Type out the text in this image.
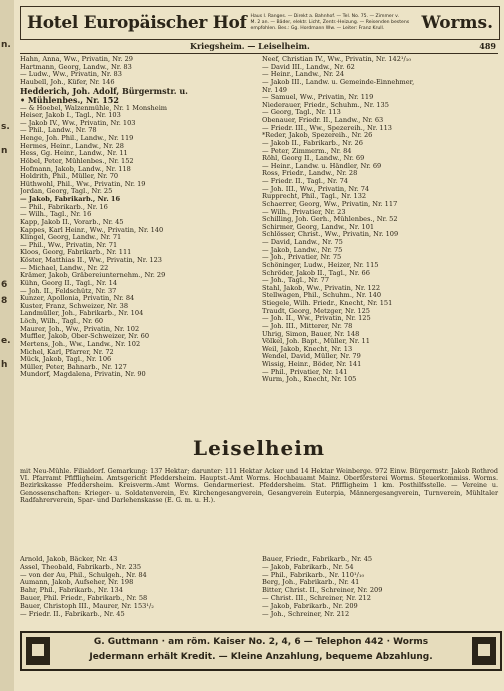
n.
s.
n
6
8
e.
h
Hotel Europäischer Hof Haus I. Ranges. — Direkt a. Bahnhof. — Tel. No. 75. — Zimmer v.
M. 2 an. — Bäder, elektr. Licht, Zentr.-Heizung. — Reisenden bestens
empfohlen. Bes.: Gg. Hordmann Ww. — Leiter: Franz Krull.	Worms.
Kriegsheim. — Leiselheim.	489
Hahn, Anna, Ww., Privatin, Nr. 29
Hartmann, Georg, Landw., Nr. 83
— Ludw., Ww., Privatin, Nr. 83
Haubell, Joh., Küfer, Nr. 146
Hedderich, Joh. Adolf, Bürgermstr. u.
• Mühlenbes., Nr. 152
— & Hoebel, Walzenmühle, Nr. 1 Monsheim
Heiser, Jakob I., Tagl., Nr. 103
— Jakob IV., Ww., Privatin, Nr. 103
— Phil., Landw., Nr. 78
Henge, Joh. Phil., Landw., Nr. 119
Hermes, Heinr., Landw., Nr. 28
Hess, Gg. Heinr., Landw., Nr. 11
Höbel, Peter, Mühlenbes., Nr. 152
Hofmann, Jakob, Landw., Nr. 118
Holdrith, Phil., Müller, Nr. 70
Hüthwohl, Phil., Ww., Privatin, Nr. 19
Jordan, Georg, Tagl., Nr. 25
— Jakob, Fabrikarb., Nr. 16
— Phil., Fabrikarb., Nr. 16
— Wilh., Tagl., Nr. 16
Kapp, Jakob II., Vorarb., Nr. 45
Kappes, Karl Heinr., Ww., Privatin, Nr. 140
Klingel, Georg, Landw., Nr. 71
— Phil., Ww., Privatin, Nr. 71
Kloos, Georg, Fabrikarb., Nr. 111
Köster, Matthias II., Ww., Privatin, Nr. 123
— Michael, Landw., Nr. 22
Krämer, Jakob, Gräbereiunternehm., Nr. 29
Kühn, Georg II., Tagl., Nr. 14
— Joh. II., Feldschütz, Nr. 37
Kunzer, Apollonia, Privatin, Nr. 84
Kuster, Franz, Schweizer, Nr. 38
Landmüller, Joh., Fabrikarb., Nr. 104
Löch, Wilh., Tagl., Nr. 60
Maurer, Joh., Ww., Privatin, Nr. 102
Muffler, Jakob, Ober-Schweizer, Nr. 60
Mertens, Joh., Ww., Landw., Nr. 102
Michel, Karl, Pfarrer, Nr. 72
Mück, Jakob, Tagl., Nr. 106
Müller, Peter, Bahnarb., Nr. 127
Mundorf, Magdalena, Privatin, Nr. 90
Neef, Christian IV., Ww., Privatin, Nr. 142¹/₁₀
— David III., Landw., Nr. 62
— Heinr., Landw., Nr. 24
— Jakob III., Landw. u. Gemeinde-Einnehmer,
Nr. 149
— Samuel, Ww., Privatin, Nr. 119
Niederauer, Friedr., Schuhm., Nr. 135
— Georg, Tagl., Nr. 113
Obenauer, Friedr. II., Landw., Nr. 63
— Friedr. III., Ww., Spezereih., Nr. 113
*Reder, Jakob, Spezereih., Nr. 26
— Jakob II., Fabrikarb., Nr. 26
— Peter, Zimmerm., Nr. 84
Röhl, Georg II., Landw., Nr. 69
— Heinr., Landw. u. Händler, Nr. 69
Ross, Friedr., Landw., Nr. 28
— Friedr. II., Tagl., Nr. 74
— Joh. III., Ww., Privatin, Nr. 74
Rupprecht, Phil., Tagl., Nr. 132
Schaerrer, Georg, Ww., Privatin, Nr. 117
— Wilh., Privatier, Nr. 23
Schilling, Joh. Gerh., Mühlenbes., Nr. 52
Schirmer, Georg, Landw., Nr. 101
Schlösser, Christ., Ww., Privatin, Nr. 109
— David, Landw., Nr. 75
— Jakob, Landw., Nr. 75
— Joh., Privatier, Nr. 75
Schöninger, Ludw., Heizer, Nr. 115
Schröder, Jakob II., Tagl., Nr. 66
— Joh., Tagl., Nr. 77
Stahl, Jakob, Ww., Privatin, Nr. 122
Stellwagen, Phil., Schuhm., Nr. 140
Stiegele, Wilh. Friedr., Knecht, Nr. 151
Traudt, Georg, Metzger, Nr. 125
— Joh. II., Ww., Privatin, Nr. 125
— Joh. III., Mitterer, Nr. 78
Uhrig, Simon, Bauer, Nr. 148
Völkel, Joh. Bapt., Müller, Nr. 11
Weil, Jakob, Knecht, Nr. 13
Wendel, David, Müller, Nr. 79
Wissig, Heinr., Böder, Nr. 141
— Phil., Privatier, Nr. 141
Wurm, Joh., Knecht, Nr. 105
Leiselheim
mit Neu-Mühle. Filialdorf. Gemarkung: 137 Hektar; darunter: 111 Hektar Acker und 14 Hektar Weinberge. 972 Einw. Bürgermstr. Jakob Rothrod VI. Pfarramt Pfiffligheim. Amtsgericht Pfeddersheim. Hauptst.-Amt Worms. Hochbauamt Mainz. Oberförsterei Worms. Steuerkommiss. Worms. Bezirkskasse Pfeddersheim. Kreisverm.-Amt Worms. Gendarmeriest. Pfeddersheim. Stat. Pfiffligheim 1 km. Posthilfsstelle. — Vereine u. Genossenschaften: Krieger- u. Soldatenverein, Ev. Kirchengesangverein, Gesangverein Euterpia, Männergesangverein, Turnverein, Mühltaler Radfahrerverein, Spar- und Darlehenskasse (E. G. m. u. H.).
Arnold, Jakob, Bäcker, Nr. 43
Assel, Theobald, Fabrikarb., Nr. 235
— von der Au, Phil., Schulgeh., Nr. 84
Aumann, Jakob, Aufseher, Nr. 198
Bahr, Phil., Fabrikarb., Nr. 134
Bauer, Phil. Friedr., Fabrikarb., Nr. 58
Bauer, Christoph III., Maurer, Nr. 153¹/₂
— Friedr. II., Fabrikarb., Nr. 45
Bauer, Friedr., Fabrikarb., Nr. 45
— Jakob, Fabrikarb., Nr. 54
— Phil., Fabrikarb., Nr. 110¹/₁₀
Berg, Joh., Fabrikarb., Nr. 41
Bitter, Christ. II., Schreiner, Nr. 209
— Christ. III., Schreiner, Nr. 212
— Jakob, Fabrikarb., Nr. 209
— Joh., Schreiner, Nr. 212
G. Guttmann · am röm. Kaiser No. 2, 4, 6 — Telephon 442 · Worms
Jedermann erhält Kredit. — Kleine Anzahlung, bequeme Abzahlung.
